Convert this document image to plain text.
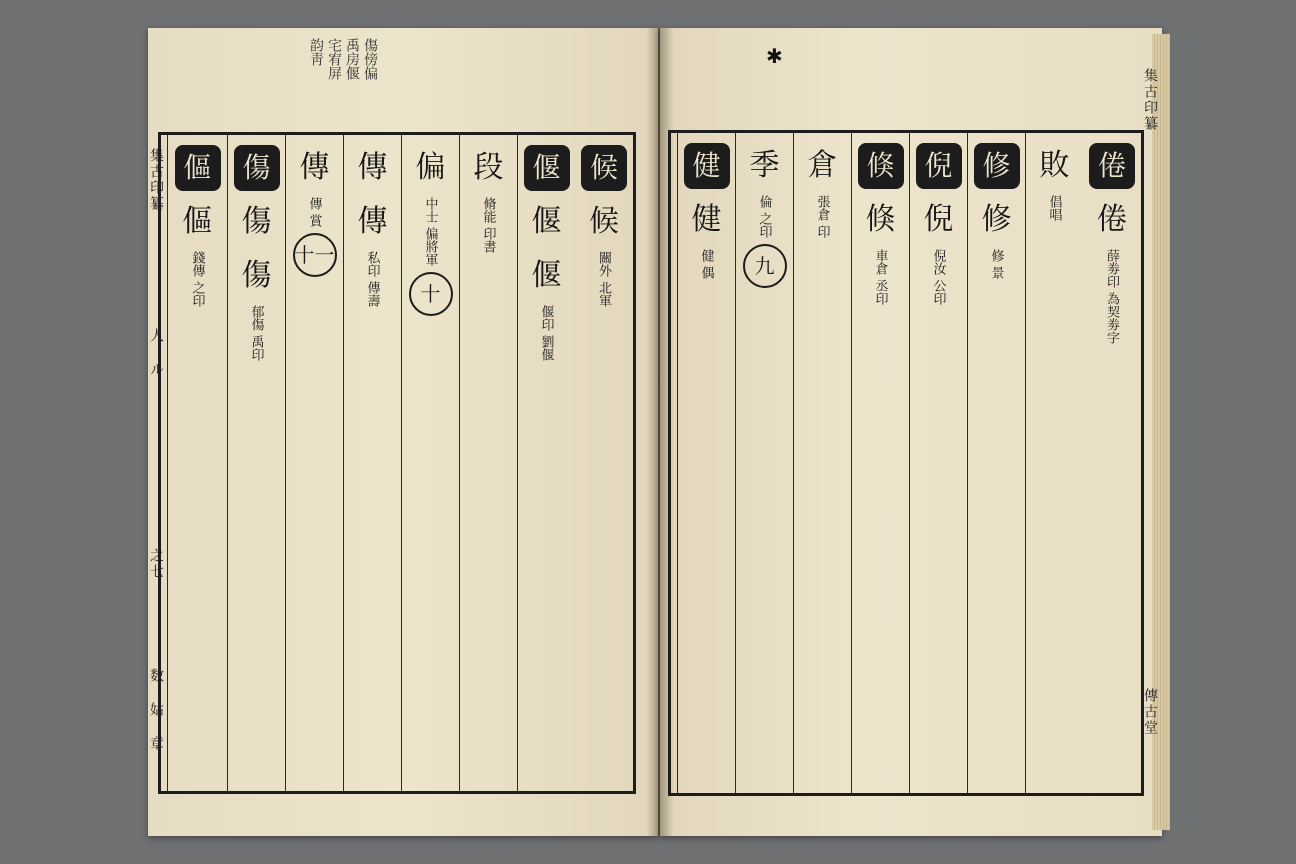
傷傍偏
禹房偃
宅宥屏
韵靑
集古印纂
人 ル
之七
数 姑 章
候
候
關外
北軍
偃
偃
偃
偃印
劉偃
段
脩能
印書
偏
中士
偏將軍
十
傳
傳
私印
傳壽
傳
傳
賞
十一
傷
傷
傷
郁傷
禹印
傴
傴
錢傳
之印
集古印纂
傳古堂
倦
倦
薛劵印
為契劵字
敗
倡唱
修
修
修
景
倪
倪
倪汝
公印
倏
倏
車倉
丞印
倉
張倉
印
季
倫
之印
九
健
健
健
偶
✱
